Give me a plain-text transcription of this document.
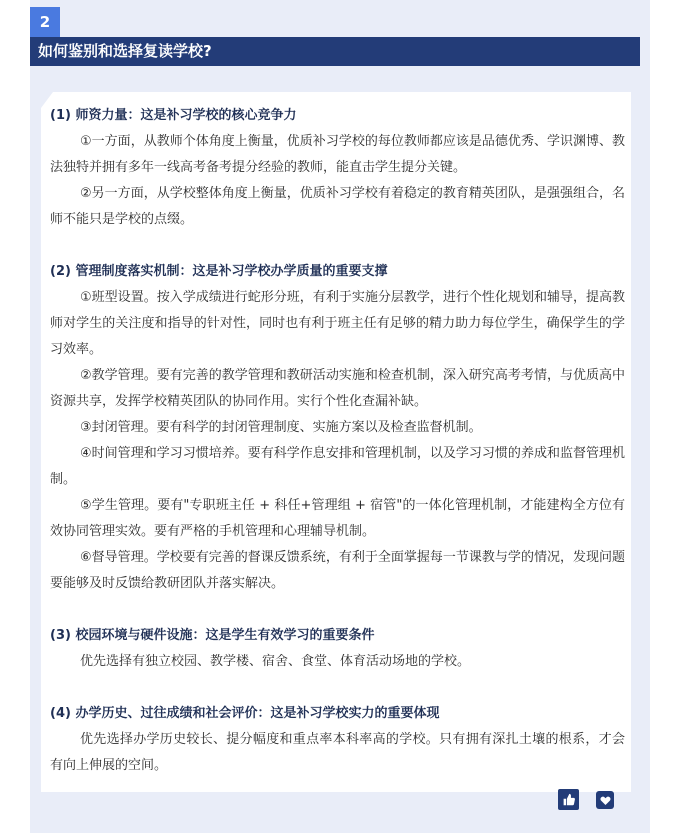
2
如何鉴别和选择复读学校?
(1) 师资力量：这是补习学校的核心竞争力
①一方面，从教师个体角度上衡量，优质补习学校的每位教师都应该是品德优秀、学识渊博、教法独特并拥有多年一线高考备考提分经验的教师，能直击学生提分关键。
②另一方面，从学校整体角度上衡量，优质补习学校有着稳定的教育精英团队，是强强组合，名师不能只是学校的点缀。
(2) 管理制度落实机制：这是补习学校办学质量的重要支撑
①班型设置。按入学成绩进行蛇形分班，有利于实施分层教学，进行个性化规划和辅导，提高教师对学生的关注度和指导的针对性，同时也有利于班主任有足够的精力助力每位学生，确保学生的学习效率。
②教学管理。要有完善的教学管理和教研活动实施和检查机制，深入研究高考考情，与优质高中资源共享，发挥学校精英团队的协同作用。实行个性化查漏补缺。
③封闭管理。要有科学的封闭管理制度、实施方案以及检查监督机制。
④时间管理和学习习惯培养。要有科学作息安排和管理机制，以及学习习惯的养成和监督管理机制。
⑤学生管理。要有"专职班主任 + 科任+管理组 + 宿管"的一体化管理机制，才能建构全方位有效协同管理实效。要有严格的手机管理和心理辅导机制。
⑥督导管理。学校要有完善的督课反馈系统，有利于全面掌握每一节课教与学的情况，发现问题要能够及时反馈给教研团队并落实解决。
(3) 校园环境与硬件设施：这是学生有效学习的重要条件
优先选择有独立校园、教学楼、宿舍、食堂、体育活动场地的学校。
(4) 办学历史、过往成绩和社会评价：这是补习学校实力的重要体现
优先选择办学历史较长、提分幅度和重点率本科率高的学校。只有拥有深扎土壤的根系，才会有向上伸展的空间。
